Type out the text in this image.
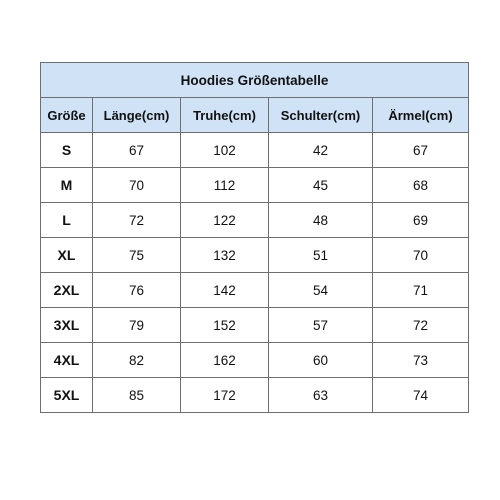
Hoodies Größentabelle				
Größe	Länge(cm)	Truhe(cm)	Schulter(cm)	Ärmel(cm)
S	67	102	42	67
M	70	112	45	68
L	72	122	48	69
XL	75	132	51	70
2XL	76	142	54	71
3XL	79	152	57	72
4XL	82	162	60	73
5XL	85	172	63	74
